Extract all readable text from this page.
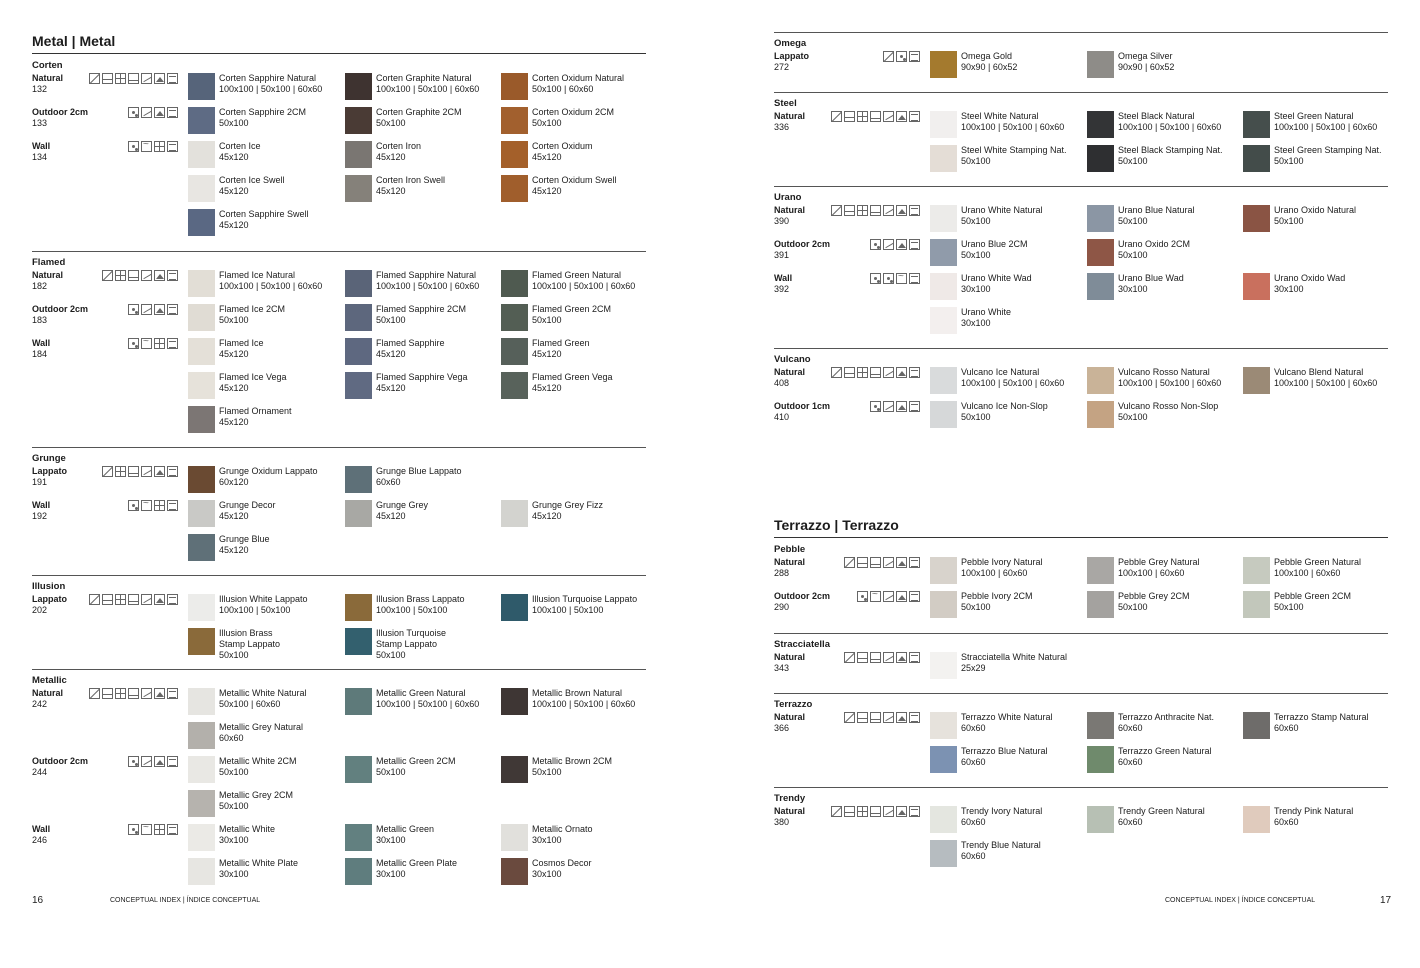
Metal | Metal
Corten
Natural
132
Corten Sapphire Natural
100x100 | 50x100 | 60x60
Corten Graphite Natural
100x100 | 50x100 | 60x60
Corten Oxidum Natural
50x100 | 60x60
Outdoor 2cm
133
Corten Sapphire 2CM
50x100
Corten Graphite 2CM
50x100
Corten Oxidum 2CM
50x100
Wall
134
~
Corten Ice
45x120
Corten Iron
45x120
Corten Oxidum
45x120
Corten Ice Swell
45x120
Corten Iron Swell
45x120
Corten Oxidum Swell
45x120
Corten Sapphire Swell
45x120
Flamed
Natural
182
Flamed Ice Natural
100x100 | 50x100 | 60x60
Flamed Sapphire Natural
100x100 | 50x100 | 60x60
Flamed Green Natural
100x100 | 50x100 | 60x60
Outdoor 2cm
183
Flamed Ice 2CM
50x100
Flamed Sapphire 2CM
50x100
Flamed Green 2CM
50x100
Wall
184
~
Flamed Ice
45x120
Flamed Sapphire
45x120
Flamed Green
45x120
Flamed Ice Vega
45x120
Flamed Sapphire Vega
45x120
Flamed Green Vega
45x120
Flamed Ornament
45x120
Grunge
Lappato
191
Grunge Oxidum Lappato
60x120
Grunge Blue Lappato
60x60
Wall
192
~
Grunge Decor
45x120
Grunge Grey
45x120
Grunge Grey Fizz
45x120
Grunge Blue
45x120
Illusion
Lappato
202
Illusion White Lappato
100x100 | 50x100
Illusion Brass Lappato
100x100 | 50x100
Illusion Turquoise Lappato
100x100 | 50x100
Illusion Brass
Stamp Lappato
50x100
Illusion Turquoise
Stamp Lappato
50x100
Metallic
Natural
242
Metallic White Natural
50x100 | 60x60
Metallic Green Natural
100x100 | 50x100 | 60x60
Metallic Brown Natural
100x100 | 50x100 | 60x60
Metallic Grey Natural
60x60
Outdoor 2cm
244
Metallic White 2CM
50x100
Metallic Green 2CM
50x100
Metallic Brown 2CM
50x100
Metallic Grey 2CM
50x100
Wall
246
~
Metallic White
30x100
Metallic Green
30x100
Metallic Ornato
30x100
Metallic White Plate
30x100
Metallic Green Plate
30x100
Cosmos Decor
30x100
16	CONCEPTUAL INDEX | ÍNDICE CONCEPTUAL
Omega
Lappato
272
Omega Gold
90x90 | 60x52
Omega Silver
90x90 | 60x52
Steel
Natural
336
Steel White Natural
100x100 | 50x100 | 60x60
Steel Black Natural
100x100 | 50x100 | 60x60
Steel Green Natural
100x100 | 50x100 | 60x60
Steel White Stamping Nat.
50x100
Steel Black Stamping Nat.
50x100
Steel Green Stamping Nat.
50x100
Urano
Natural
390
Urano White Natural
50x100
Urano Blue Natural
50x100
Urano Oxido Natural
50x100
Outdoor 2cm
391
Urano Blue 2CM
50x100
Urano Oxido 2CM
50x100
Wall
392
~
Urano White Wad
30x100
Urano Blue Wad
30x100
Urano Oxido Wad
30x100
Urano White
30x100
Vulcano
Natural
408
Vulcano Ice Natural
100x100 | 50x100 | 60x60
Vulcano Rosso Natural
100x100 | 50x100 | 60x60
Vulcano Blend Natural
100x100 | 50x100 | 60x60
Outdoor 1cm
410
Vulcano Ice Non-Slop
50x100
Vulcano Rosso Non-Slop
50x100
Terrazzo | Terrazzo
Pebble
Natural
288
Pebble Ivory Natural
100x100 | 60x60
Pebble Grey Natural
100x100 | 60x60
Pebble Green Natural
100x100 | 60x60
Outdoor 2cm
290
~
Pebble Ivory 2CM
50x100
Pebble Grey 2CM
50x100
Pebble Green 2CM
50x100
Stracciatella
Natural
343
Stracciatella White Natural
25x29
Terrazzo
Natural
366
Terrazzo White Natural
60x60
Terrazzo Anthracite Nat.
60x60
Terrazzo Stamp Natural
60x60
Terrazzo Blue Natural
60x60
Terrazzo Green Natural
60x60
Trendy
Natural
380
Trendy Ivory Natural
60x60
Trendy Green Natural
60x60
Trendy Pink Natural
60x60
Trendy Blue Natural
60x60
17
CONCEPTUAL INDEX | ÍNDICE CONCEPTUAL
